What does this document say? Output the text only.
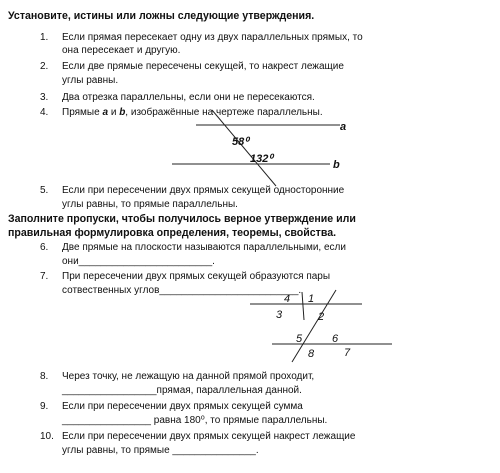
Установите, истины или ложны следующие утверждения.
1. Если прямая пересекает одну из двух параллельных прямых, то
она пересекает и другую.
2. Если две прямые пересечены секущей, то накрест лежащие
углы равны.
3. Два отрезка параллельны, если они не пересекаются.
4. Прямые a и b, изображённые на чертеже параллельны.
a
b
58⁰
132⁰
5. Если при пересечении двух прямых секущей односторонние
углы равны, то прямые параллельны.
Заполните пропуски, чтобы получилось верное утверждение или
правильная формулировка определения, теоремы, свойства.
6. Две прямые на плоскости называются параллельными, если
они________________________.
7. При пересечении двух прямых секущей образуются пары
сотвественных углов_________________________.
4 1
3	2
5	6
8	7
8. Через точку, не лежащую на данной прямой проходит,
_________________прямая, параллельная данной.
9. Если при пересечении двух прямых секущей сумма
________________ равна 180⁰, то прямые параллельны.
10. Если при пересечении двух прямых секущей накрест лежащие
углы равны, то прямые _______________.
